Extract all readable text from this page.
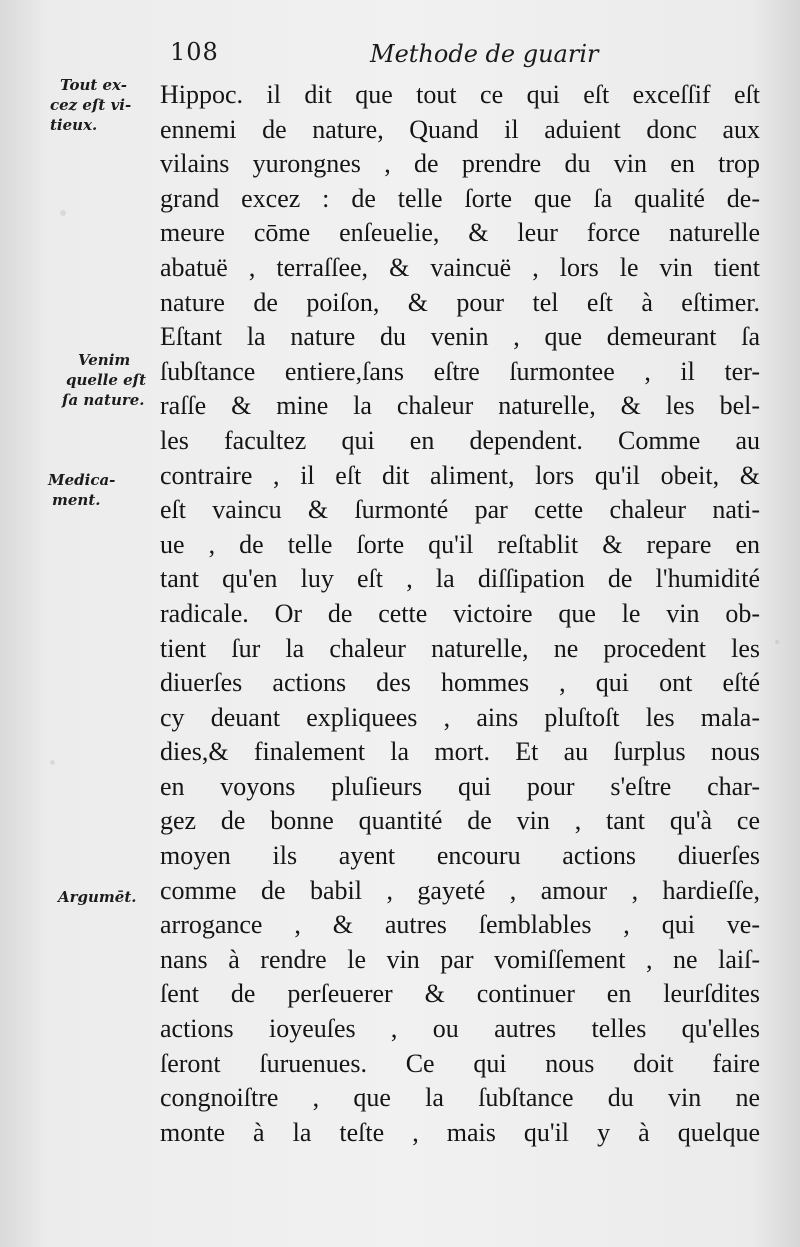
108	Methode de guarir
Tout ex-
cez eſt vi-
tieux.
Venim
quelle eſt
ſa nature.
Medica-
ment.
Argumēt.
Hippoc. il dit que tout ce qui eſt exceſſif eſt
ennemi de nature, Quand il aduient donc aux
vilains yurongnes , de prendre du vin en trop
grand excez : de telle ſorte que ſa qualité de-
meure cōme enſeuelie, & leur force naturelle
abatuë , terraſſee, & vaincuë , lors le vin tient
nature de poiſon, & pour tel eſt à eſtimer.
Eſtant la nature du venin , que demeurant ſa
ſubſtance entiere,ſans eſtre ſurmontee , il ter-
raſſe & mine la chaleur naturelle, & les bel-
les facultez qui en dependent. Comme au
contraire , il eſt dit aliment, lors qu'il obeit, &
eſt vaincu & ſurmonté par cette chaleur nati-
ue , de telle ſorte qu'il reſtablit & repare en
tant qu'en luy eſt , la diſſipation de l'humidité
radicale. Or de cette victoire que le vin ob-
tient ſur la chaleur naturelle, ne procedent les
diuerſes actions des hommes , qui ont eſté
cy deuant expliquees , ains pluſtoſt les mala-
dies,& finalement la mort. Et au ſurplus nous
en voyons pluſieurs qui pour s'eſtre char-
gez de bonne quantité de vin , tant qu'à ce
moyen ils ayent encouru actions diuerſes
comme de babil , gayeté , amour , hardieſſe,
arrogance , & autres ſemblables , qui ve-
nans à rendre le vin par vomiſſement , ne laiſ-
ſent de perſeuerer & continuer en leurſdites
actions ioyeuſes , ou autres telles qu'elles
ſeront ſuruenues. Ce qui nous doit faire
congnoiſtre , que la ſubſtance du vin ne
monte à la teſte , mais qu'il y à quelque
